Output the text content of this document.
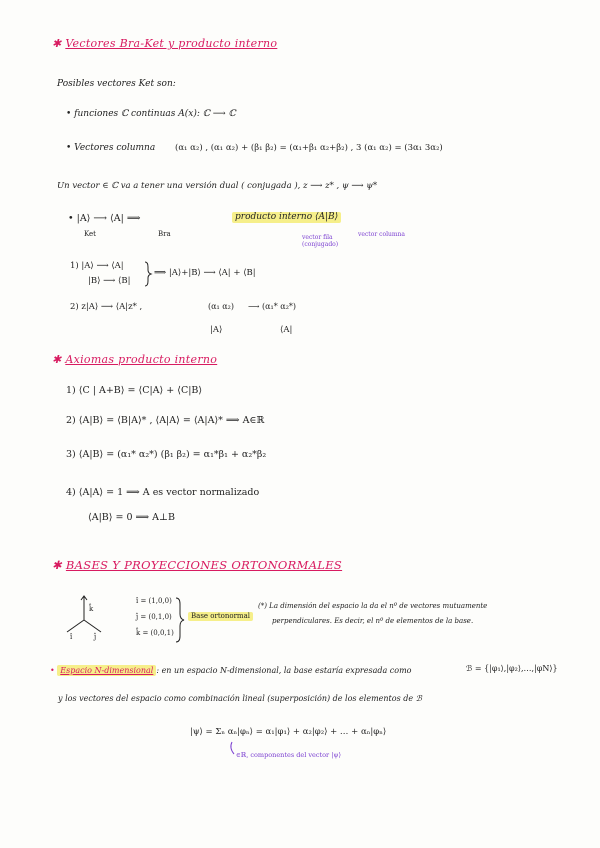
✱ Vectores Bra-Ket y producto interno
Posibles vectores Ket son:
• funciones ℂ continuas A(x): ℂ ⟶ ℂ
• Vectores columna (α₁ α₂) , (α₁ α₂) + (β₁ β₂) = (α₁+β₁ α₂+β₂) , 3 (α₁ α₂) = (3α₁ 3α₂)
Un vector ∈ ℂ va a tener una versión dual ( conjugada ), z ⟶ z* , ψ ⟶ ψ*
• |A⟩ ⟶ ⟨A| ⟹
Ket	Bra
producto interno ⟨A|B⟩
vector fila (conjugado)
vector columna
1) |A⟩ ⟶ ⟨A|
|B⟩ ⟶ ⟨B|
⟹ |A⟩+|B⟩ ⟶ ⟨A| + ⟨B|
2) z|A⟩ ⟶ ⟨A|z* ,	(α₁ α₂) ⟶ (α₁* α₂*)
|A⟩	⟨A|
✱ Axiomas producto interno
1) ⟨C | A+B⟩ = ⟨C|A⟩ + ⟨C|B⟩
2) ⟨A|B⟩ = ⟨B|A⟩* , ⟨A|A⟩ = ⟨A|A⟩* ⟹ A∈ℝ
3) ⟨A|B⟩ = (α₁* α₂*) (β₁ β₂) = α₁*β₁ + α₂*β₂
4) ⟨A|A⟩ = 1 ⟹ A es vector normalizado
⟨A|B⟩ = 0 ⟹ A⊥B
✱ BASES Y PROYECCIONES ORTONORMALES
k̂
î	ĵ
î = (1,0,0)
ĵ = (0,1,0)
k̂ = (0,0,1)
Base ortonormal
(*) La dimensión del espacio la da el nº de vectores mutuamente
perpendiculares. Es decir, el nº de elementos de la base.
• Espacio N-dimensional : en un espacio N-dimensional, la base estaría expresada como	ℬ = {|φ₁⟩,|φ₂⟩,…,|φN⟩}
y los vectores del espacio como combinación lineal (superposición) de los elementos de ℬ
|ψ⟩ = Σₙ αₙ|φₙ⟩ = α₁|φ₁⟩ + α₂|φ₂⟩ + … + αₙ|φₙ⟩
∈ℝ, componentes del vector |ψ⟩
